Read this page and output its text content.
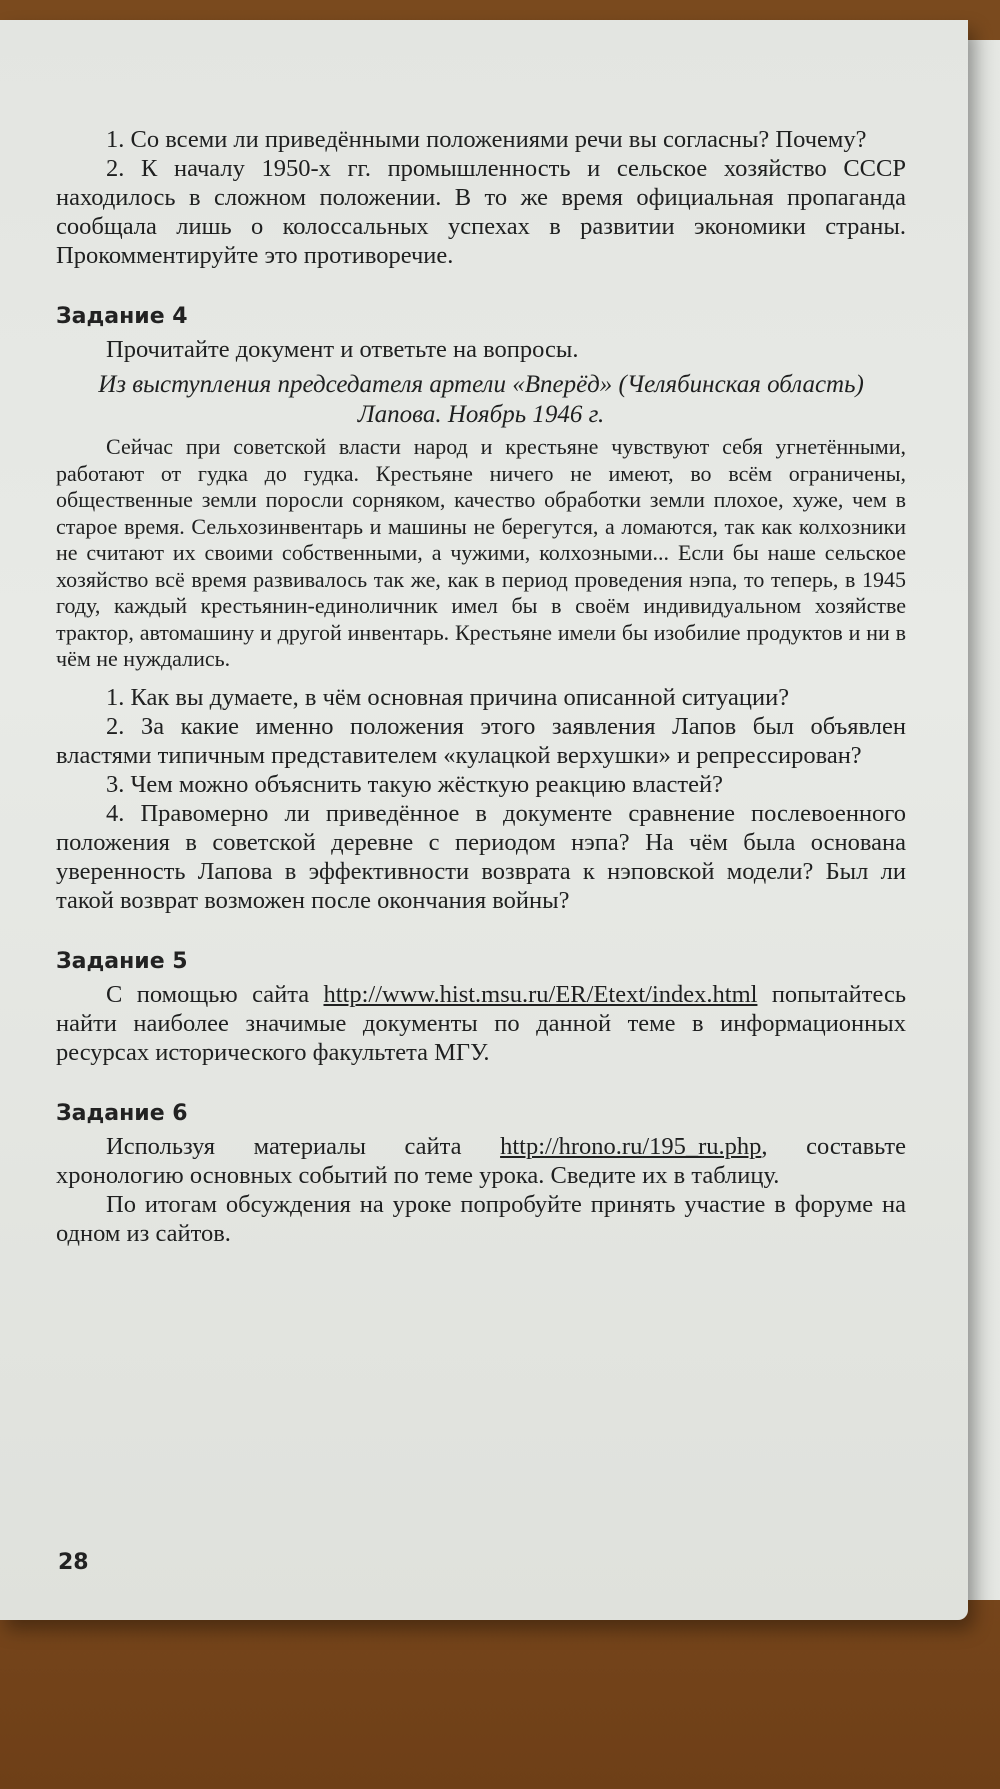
1. Со всеми ли приведёнными положениями речи вы согласны? Почему?

2. К началу 1950-х гг. промышленность и сельское хозяйство СССР находилось в сложном положении. В то же время официальная пропаганда сообщала лишь о колоссальных успехах в развитии экономики страны. Прокомментируйте это противоречие.

Задание 4

Прочитайте документ и ответьте на вопросы.

Из выступления председателя артели «Вперёд» (Челябинская область) Лапова. Ноябрь 1946 г.

Сейчас при советской власти народ и крестьяне чувствуют себя угнетёнными, работают от гудка до гудка. Крестьяне ничего не имеют, во всём ограничены, общественные земли поросли сорняком, качество обработки земли плохое, хуже, чем в старое время. Сельхозинвентарь и машины не берегутся, а ломаются, так как колхозники не считают их своими собственными, а чужими, колхозными... Если бы наше сельское хозяйство всё время развивалось так же, как в период проведения нэпа, то теперь, в 1945 году, каждый крестьянин-единоличник имел бы в своём индивидуальном хозяйстве трактор, автомашину и другой инвентарь. Крестьяне имели бы изобилие продуктов и ни в чём не нуждались.

1. Как вы думаете, в чём основная причина описанной ситуации?

2. За какие именно положения этого заявления Лапов был объявлен властями типичным представителем «кулацкой верхушки» и репрессирован?

3. Чем можно объяснить такую жёсткую реакцию властей?

4. Правомерно ли приведённое в документе сравнение послевоенного положения в советской деревне с периодом нэпа? На чём была основана уверенность Лапова в эффективности возврата к нэповской модели? Был ли такой возврат возможен после окончания войны?

Задание 5

С помощью сайта http://www.hist.msu.ru/ER/Etext/index.html попытайтесь найти наиболее значимые документы по данной теме в информационных ресурсах исторического факультета МГУ.

Задание 6

Используя материалы сайта http://hrono.ru/195_ru.php, составьте хронологию основных событий по теме урока. Сведите их в таблицу.

По итогам обсуждения на уроке попробуйте принять участие в форуме на одном из сайтов.

28
